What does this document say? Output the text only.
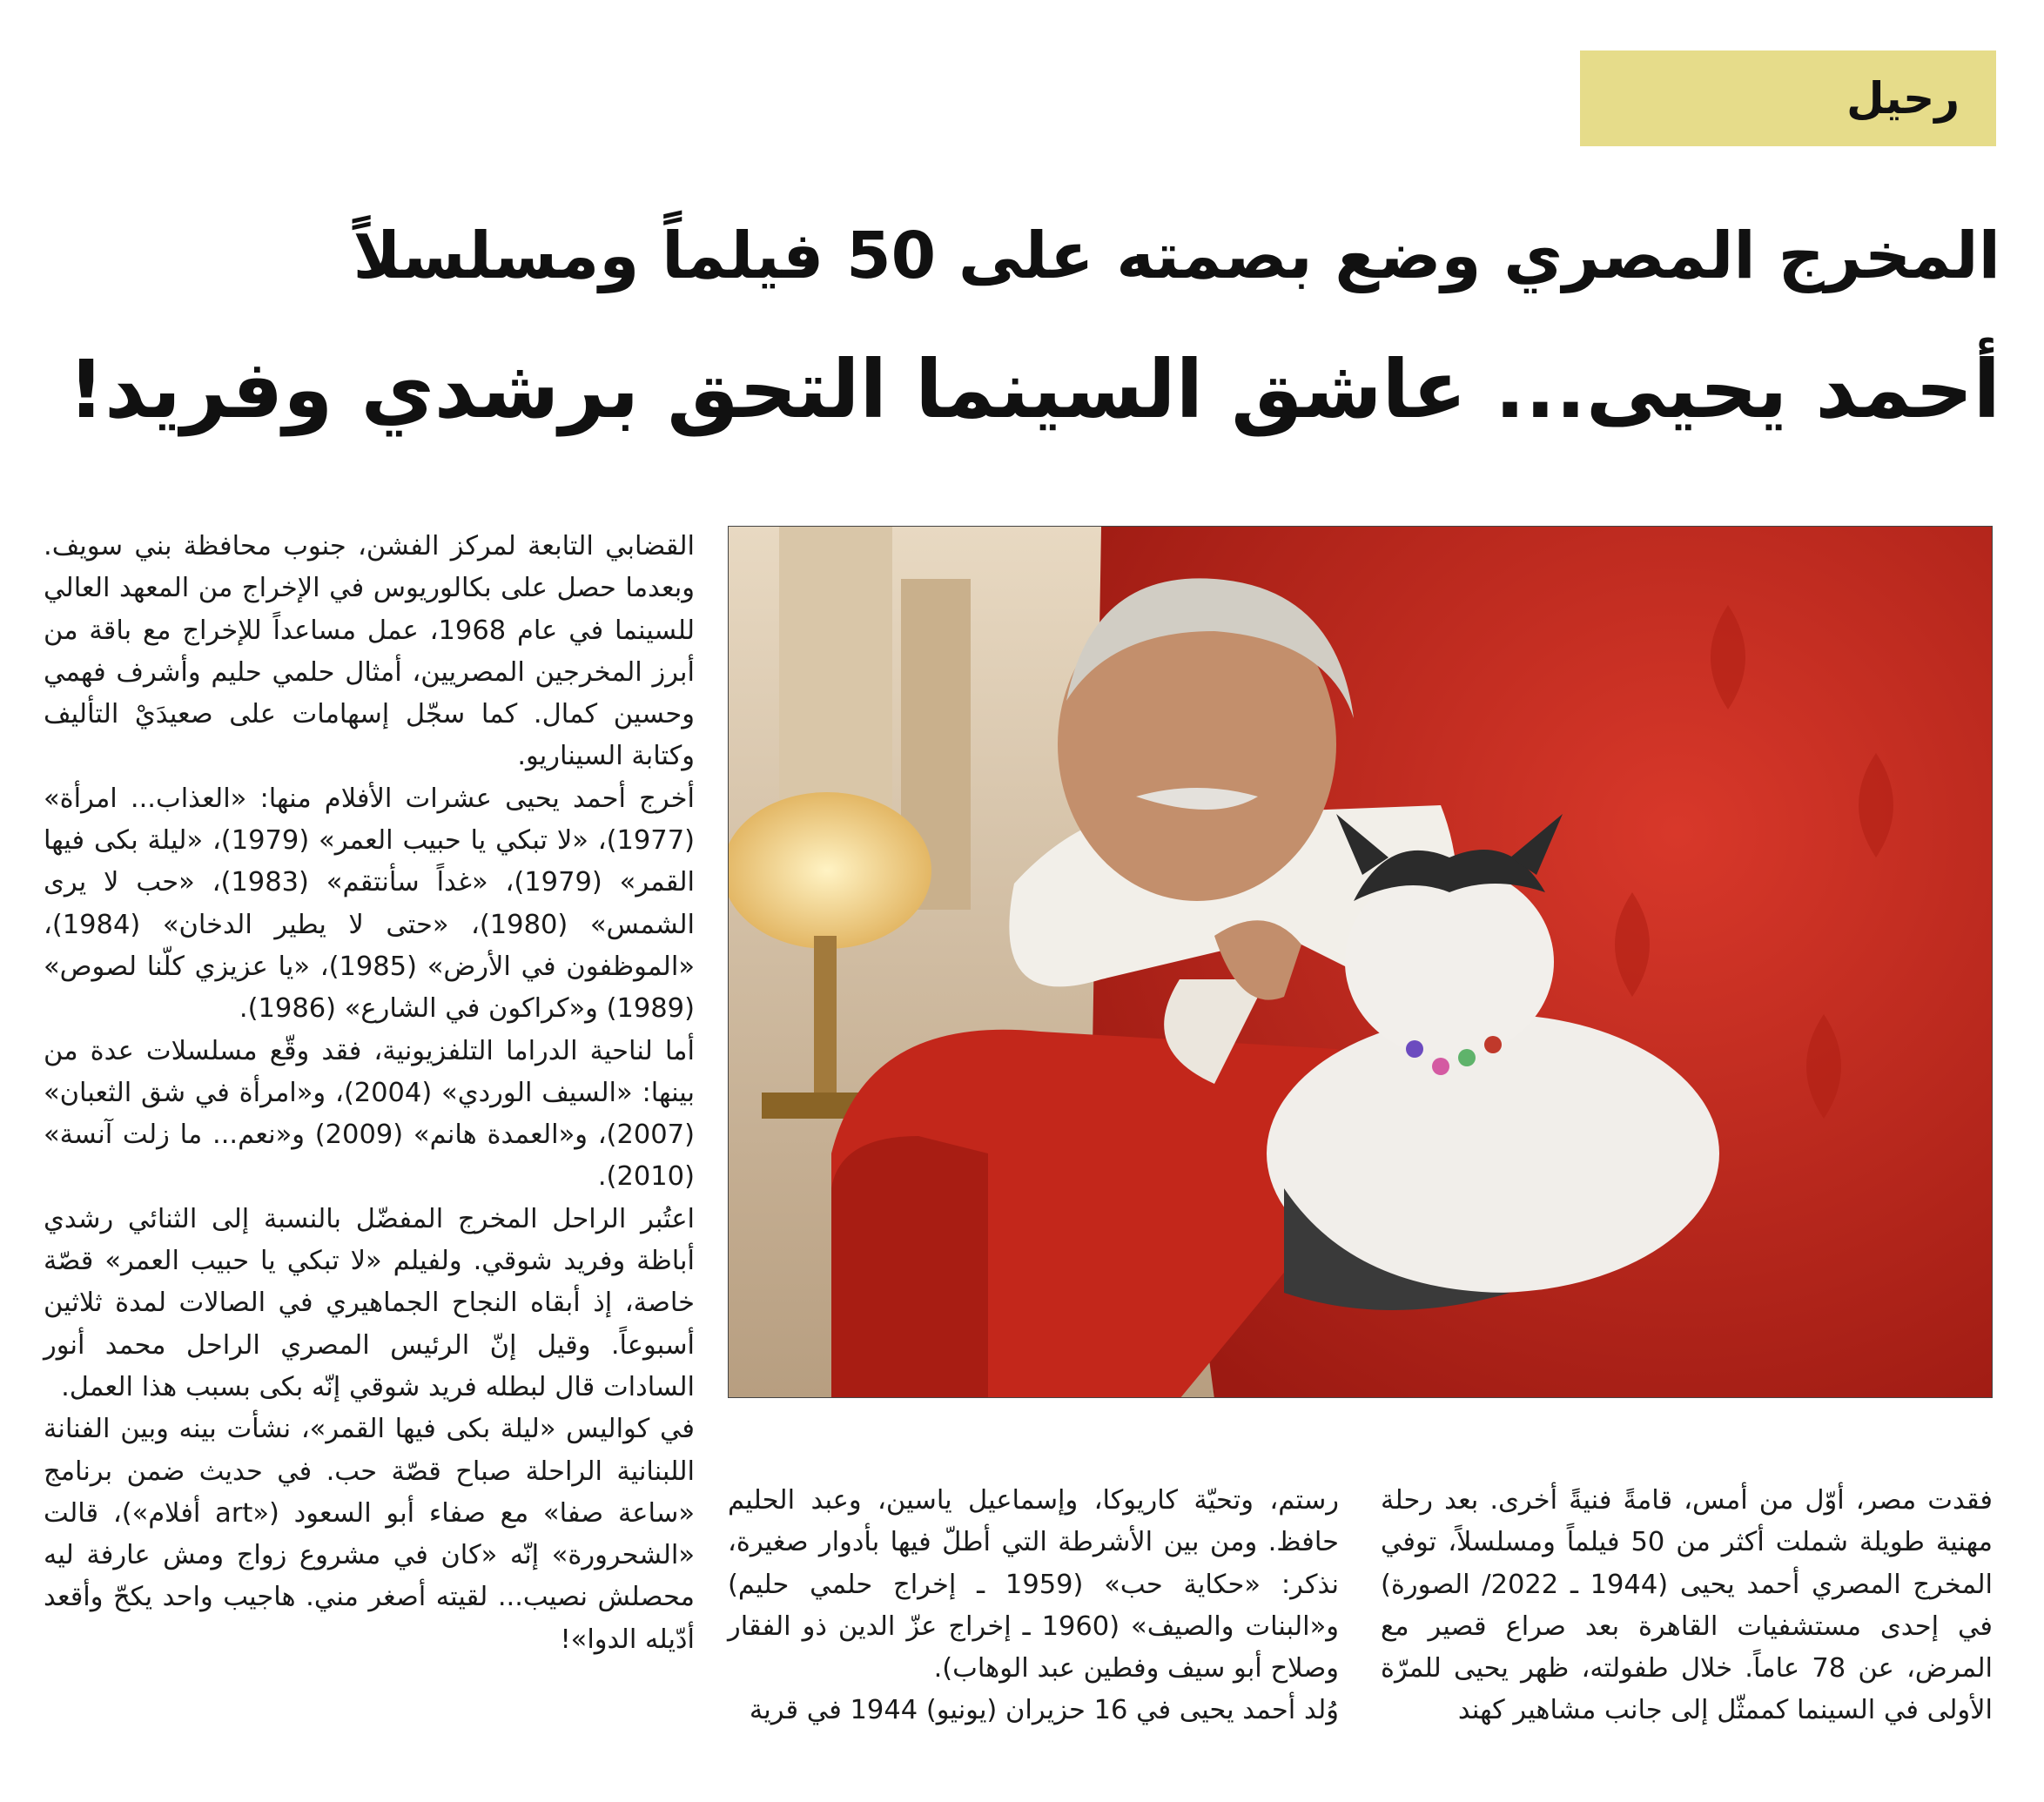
رحيل
المخرج المصري وضع بصمته على 50 فيلماً ومسلسلاً
أحمد يحيى... عاشق السينما التحق برشدي وفريد!

القضابي التابعة لمركز الفشن، جنوب محافظة بني سويف. وبعدما حصل على بكالوريوس في الإخراج من المعهد العالي للسينما في عام 1968، عمل مساعداً للإخراج مع باقة من أبرز المخرجين المصريين، أمثال حلمي حليم وأشرف فهمي وحسين كمال. كما سجّل إسهامات على صعيدَيْ التأليف وكتابة السيناريو.

أخرج أحمد يحيى عشرات الأفلام منها: «العذاب... امرأة» (1977)، «لا تبكي يا حبيب العمر» (1979)، «ليلة بكى فيها القمر» (1979)، «غداً سأنتقم» (1983)، «حب لا يرى الشمس» (1980)، «حتى لا يطير الدخان» (1984)، «الموظفون في الأرض» (1985)، «يا عزيزي كلّنا لصوص» (1989) و«كراكون في الشارع» (1986).

أما لناحية الدراما التلفزيونية، فقد وقّع مسلسلات عدة من بينها: «السيف الوردي» (2004)، و«امرأة في شق الثعبان» (2007)، و«العمدة هانم» (2009) و«نعم... ما زلت آنسة» (2010).

اعتُبر الراحل المخرج المفضّل بالنسبة إلى الثنائي رشدي أباظة وفريد شوقي. ولفيلم «لا تبكي يا حبيب العمر» قصّة خاصة، إذ أبقاه النجاح الجماهيري في الصالات لمدة ثلاثين أسبوعاً. وقيل إنّ الرئيس المصري الراحل محمد أنور السادات قال لبطله فريد شوقي إنّه بكى بسبب هذا العمل.

في كواليس «ليلة بكى فيها القمر»، نشأت بينه وبين الفنانة اللبنانية الراحلة صباح قصّة حب. في حديث ضمن برنامج «ساعة صفا» مع صفاء أبو السعود («art أفلام»)، قالت «الشحرورة» إنّه «كان في مشروع زواج ومش عارفة ليه محصلش نصيب... لقيته أصغر مني. هاجيب واحد يكحّ وأقعد أدّيله الدوا»!

رستم، وتحيّة كاريوكا، وإسماعيل ياسين، وعبد الحليم حافظ. ومن بين الأشرطة التي أطلّ فيها بأدوار صغيرة، نذكر: «حكاية حب» (1959 ـ إخراج حلمي حليم) و«البنات والصيف» (1960 ـ إخراج عزّ الدين ذو الفقار وصلاح أبو سيف وفطين عبد الوهاب).

وُلد أحمد يحيى في 16 حزيران (يونيو) 1944 في قرية

فقدت مصر، أوّل من أمس، قامةً فنيةً أخرى. بعد رحلة مهنية طويلة شملت أكثر من 50 فيلماً ومسلسلاً، توفي المخرج المصري أحمد يحيى (1944 ـ 2022/ الصورة) في إحدى مستشفيات القاهرة بعد صراع قصير مع المرض، عن 78 عاماً. خلال طفولته، ظهر يحيى للمرّة الأولى في السينما كممثّل إلى جانب مشاهير كهند
